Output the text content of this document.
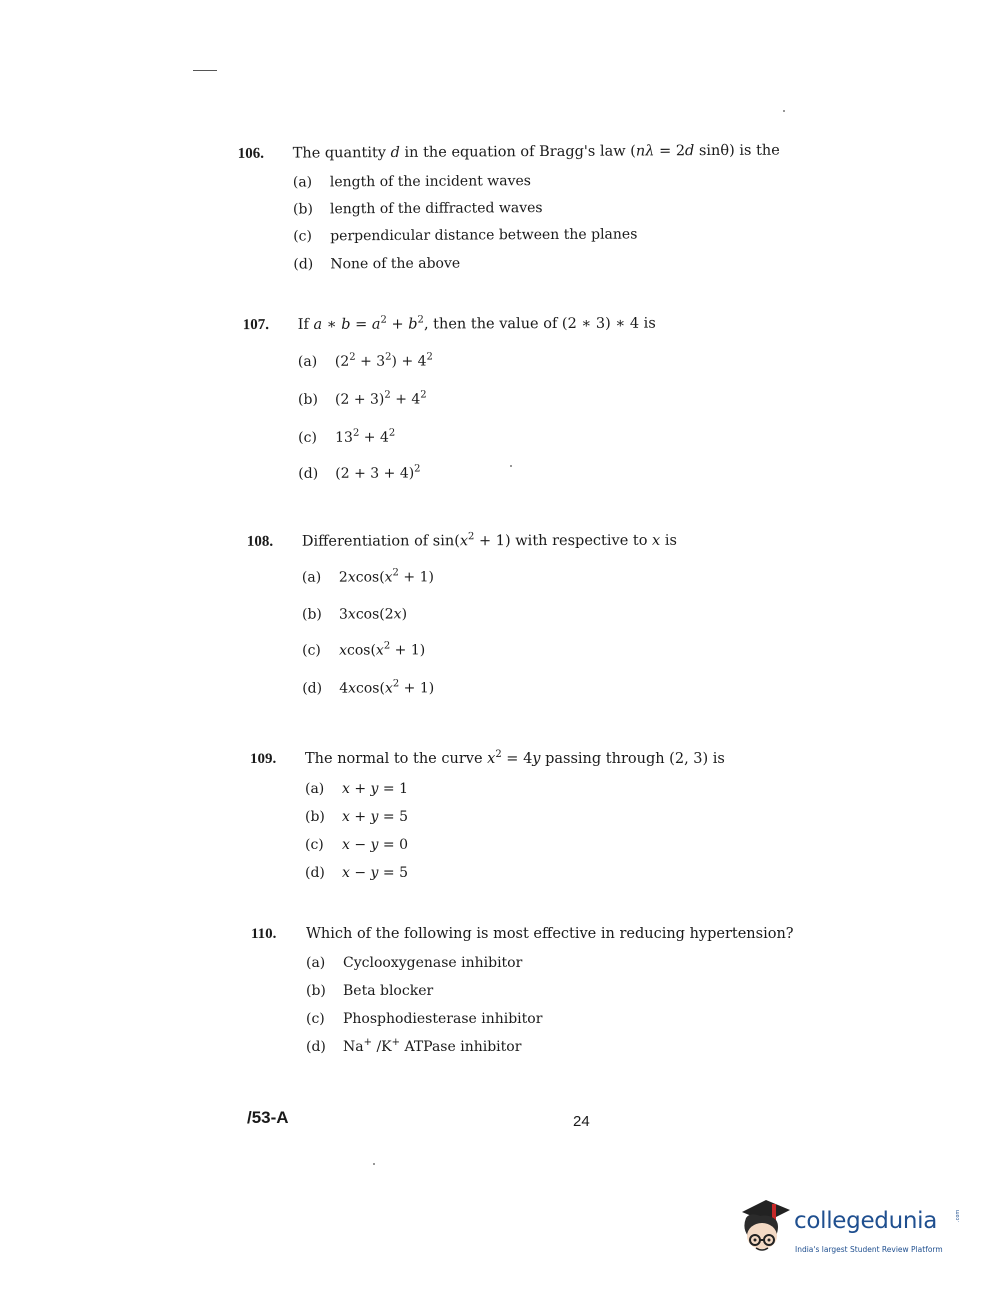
106.	The quantity d in the equation of Bragg's law (nλ = 2d sinθ) is the
(a)	length of the incident waves
(b)	length of the diffracted waves
(c)	perpendicular distance between the planes
(d)	None of the above
107.	If a ∗ $b = a^2 + b^2$, then the value of (2 ∗ 3) ∗ 4 is
(a)	$(2^2 + 3^2) + 4^2$
(b)	$(2 + 3)^2 + 4^2$
(c)	$13^2 + 4^2$
(d)	$(2 + 3 + 4)^2$
108.	Differentiation of $\sin(x^2 + 1)$ with respective to x is
(a)	$2xcos(x^2 + 1)$
(b)	3xcos(2x)
(c)	$xcos(x^2 + 1)$
(d)	$4xcos(x^2 + 1)$
109.	The normal to the curve $x^2 = 4y$ passing through (2, 3) is
(a)	x + y = 1
(b)	x + y = 5
(c)	x − y = 0
(d)	x − y = 5
110.	Which of the following is most effective in reducing hypertension?
(a)	Cyclooxygenase inhibitor
(b)	Beta blocker
(c)	Phosphodiesterase inhibitor
(d)	Na+ /K+ ATPase inhibitor
/53-A	24
collegedunia	.com
India's largest Student Review Platform
